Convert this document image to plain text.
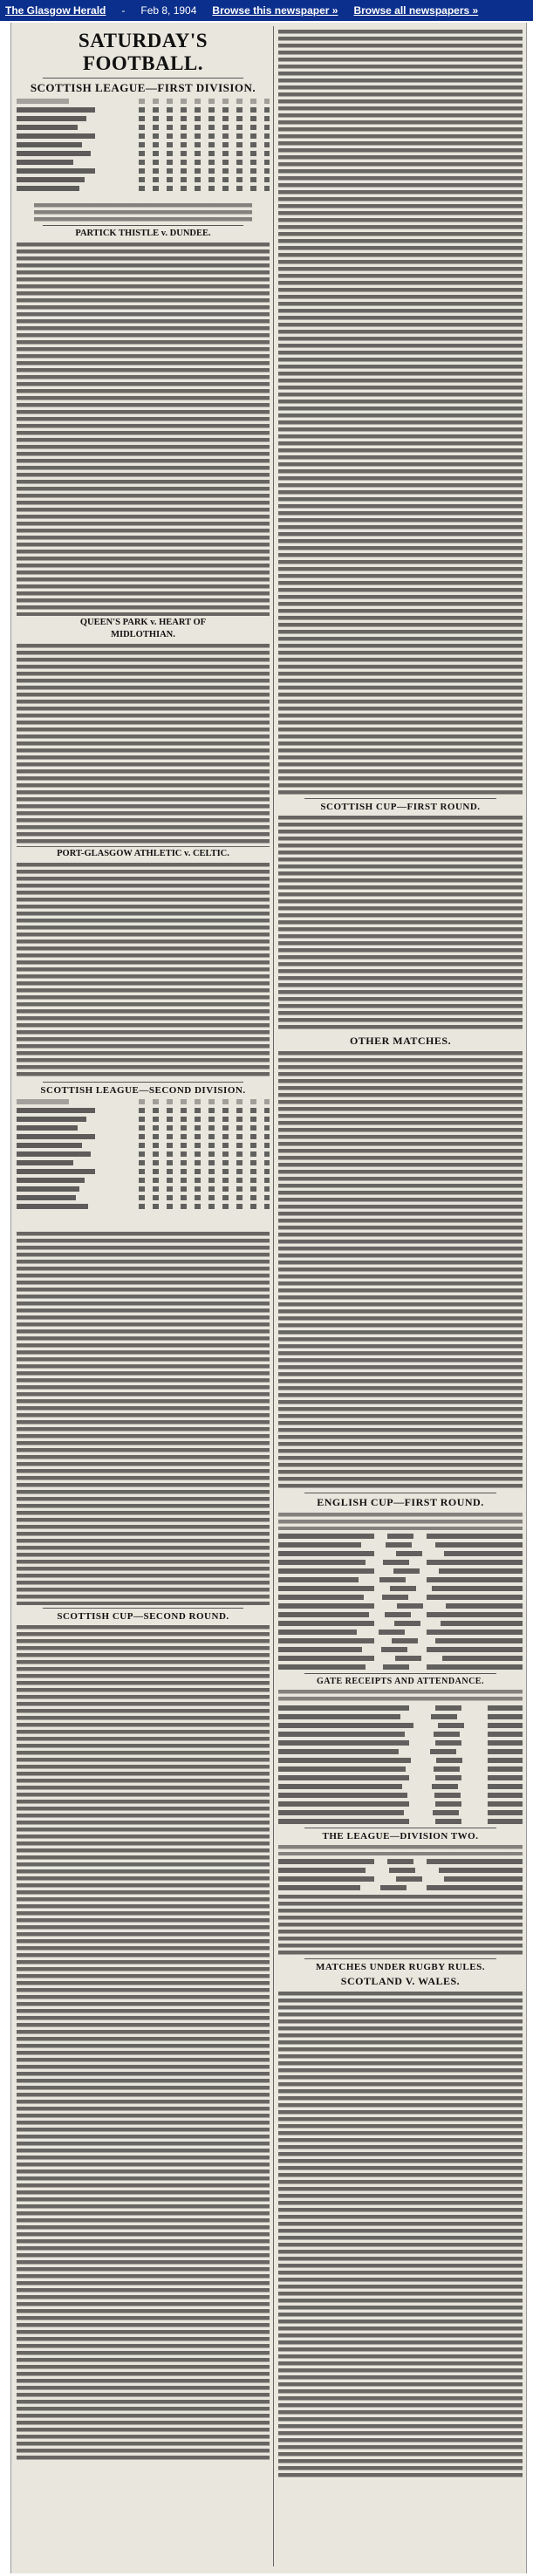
The Glasgow Herald - Feb 8, 1904 Browse this newspaper » Browse all newspapers »
SATURDAY'S FOOTBALL.
SCOTTISH LEAGUE—FIRST DIVISION.
PARTICK THISTLE v. DUNDEE.
QUEEN'S PARK v. HEART OF
MIDLOTHIAN.
PORT-GLASGOW ATHLETIC v. CELTIC.
SCOTTISH LEAGUE—SECOND DIVISION.
SCOTTISH CUP—SECOND ROUND.
SCOTTISH CUP—FIRST ROUND.
OTHER MATCHES.
ENGLISH CUP—FIRST ROUND.
GATE RECEIPTS AND ATTENDANCE.
THE LEAGUE—DIVISION TWO.
MATCHES UNDER RUGBY RULES.
SCOTLAND V. WALES.
